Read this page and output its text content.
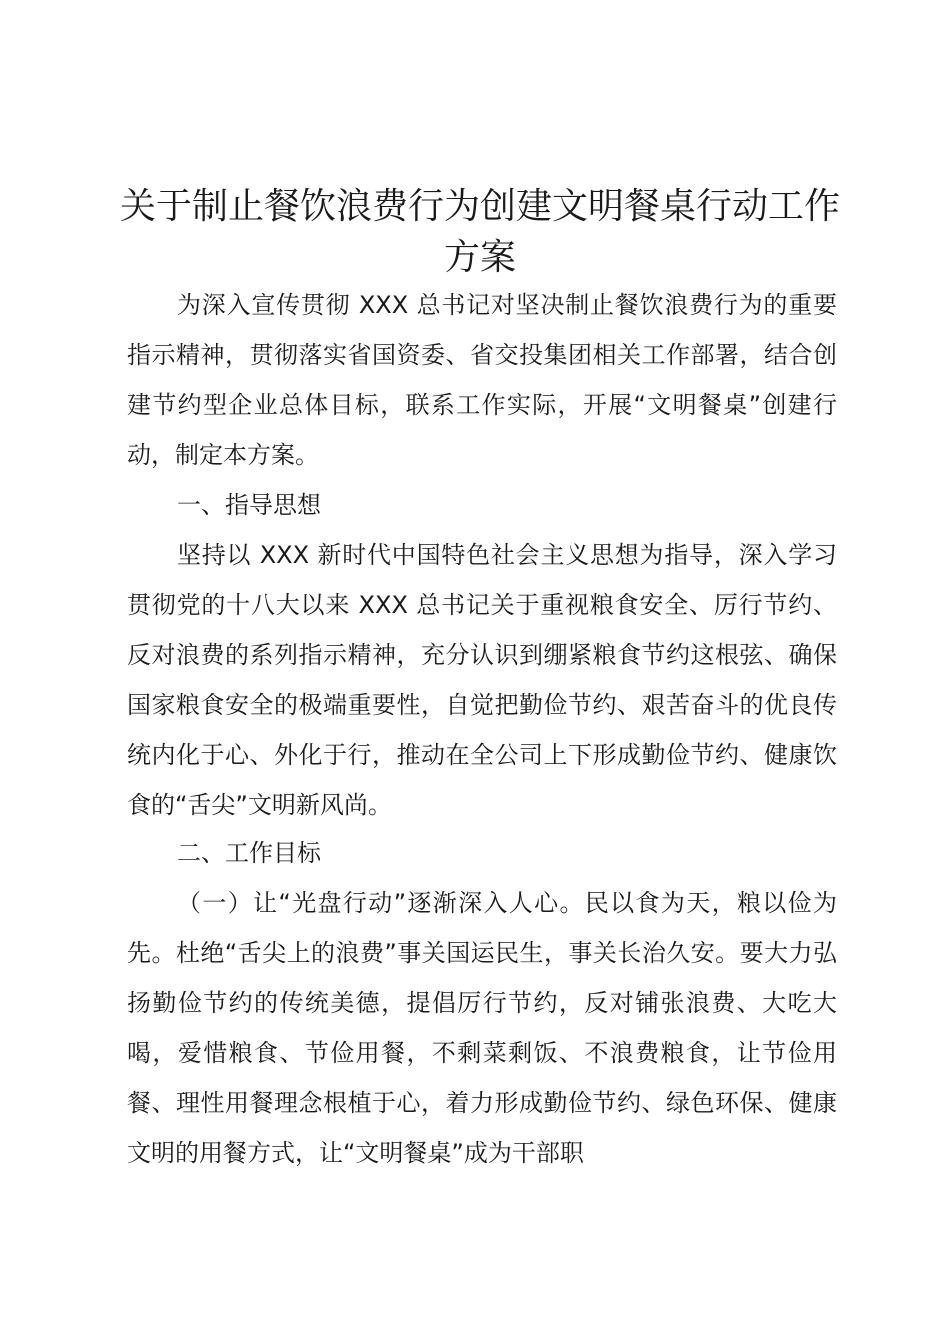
关于制止餐饮浪费行为创建文明餐桌行动工作
方案

为深入宣传贯彻 XXX 总书记对坚决制止餐饮浪费行为的重要指示精神，贯彻落实省国资委、省交投集团相关工作部署，结合创建节约型企业总体目标，联系工作实际，开展“文明餐桌”创建行动，制定本方案。

一、指导思想

坚持以 XXX 新时代中国特色社会主义思想为指导，深入学习贯彻党的十八大以来 XXX 总书记关于重视粮食安全、厉行节约、反对浪费的系列指示精神，充分认识到绷紧粮食节约这根弦、确保国家粮食安全的极端重要性，自觉把勤俭节约、艰苦奋斗的优良传统内化于心、外化于行，推动在全公司上下形成勤俭节约、健康饮食的“舌尖”文明新风尚。

二、工作目标

（一）让“光盘行动”逐渐深入人心。民以食为天，粮以俭为先。杜绝“舌尖上的浪费”事关国运民生，事关长治久安。要大力弘扬勤俭节约的传统美德，提倡厉行节约，反对铺张浪费、大吃大喝，爱惜粮食、节俭用餐，不剩菜剩饭、不浪费粮食，让节俭用餐、理性用餐理念根植于心，着力形成勤俭节约、绿色环保、健康文明的用餐方式，让“文明餐桌”成为干部职
